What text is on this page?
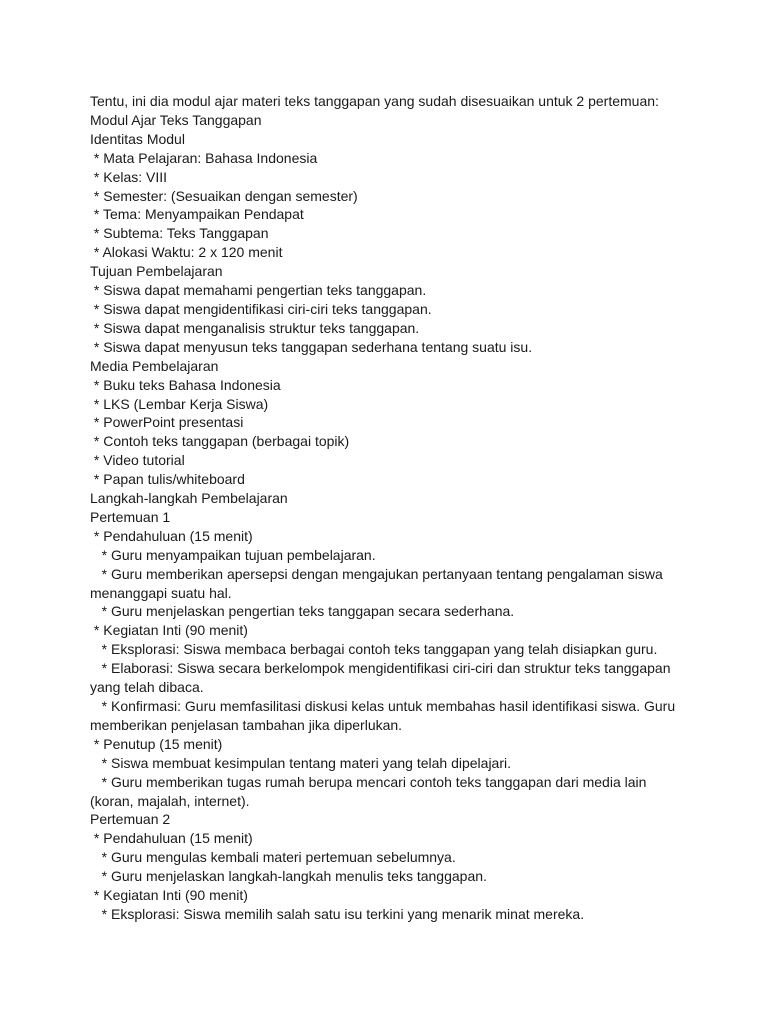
Tentu, ini dia modul ajar materi teks tanggapan yang sudah disesuaikan untuk 2 pertemuan:

Modul Ajar Teks Tanggapan

Identitas Modul

* Mata Pelajaran: Bahasa Indonesia

* Kelas: VIII

* Semester: (Sesuaikan dengan semester)

* Tema: Menyampaikan Pendapat

* Subtema: Teks Tanggapan

* Alokasi Waktu: 2 x 120 menit

Tujuan Pembelajaran

* Siswa dapat memahami pengertian teks tanggapan.

* Siswa dapat mengidentifikasi ciri-ciri teks tanggapan.

* Siswa dapat menganalisis struktur teks tanggapan.

* Siswa dapat menyusun teks tanggapan sederhana tentang suatu isu.

Media Pembelajaran

* Buku teks Bahasa Indonesia

* LKS (Lembar Kerja Siswa)

* PowerPoint presentasi

* Contoh teks tanggapan (berbagai topik)

* Video tutorial

* Papan tulis/whiteboard

Langkah-langkah Pembelajaran

Pertemuan 1

* Pendahuluan (15 menit)

* Guru menyampaikan tujuan pembelajaran.

* Guru memberikan apersepsi dengan mengajukan pertanyaan tentang pengalaman siswa menanggapi suatu hal.

* Guru menjelaskan pengertian teks tanggapan secara sederhana.

* Kegiatan Inti (90 menit)

* Eksplorasi: Siswa membaca berbagai contoh teks tanggapan yang telah disiapkan guru.

* Elaborasi: Siswa secara berkelompok mengidentifikasi ciri-ciri dan struktur teks tanggapan yang telah dibaca.

* Konfirmasi: Guru memfasilitasi diskusi kelas untuk membahas hasil identifikasi siswa. Guru memberikan penjelasan tambahan jika diperlukan.

* Penutup (15 menit)

* Siswa membuat kesimpulan tentang materi yang telah dipelajari.

* Guru memberikan tugas rumah berupa mencari contoh teks tanggapan dari media lain (koran, majalah, internet).

Pertemuan 2

* Pendahuluan (15 menit)

* Guru mengulas kembali materi pertemuan sebelumnya.

* Guru menjelaskan langkah-langkah menulis teks tanggapan.

* Kegiatan Inti (90 menit)

* Eksplorasi: Siswa memilih salah satu isu terkini yang menarik minat mereka.
